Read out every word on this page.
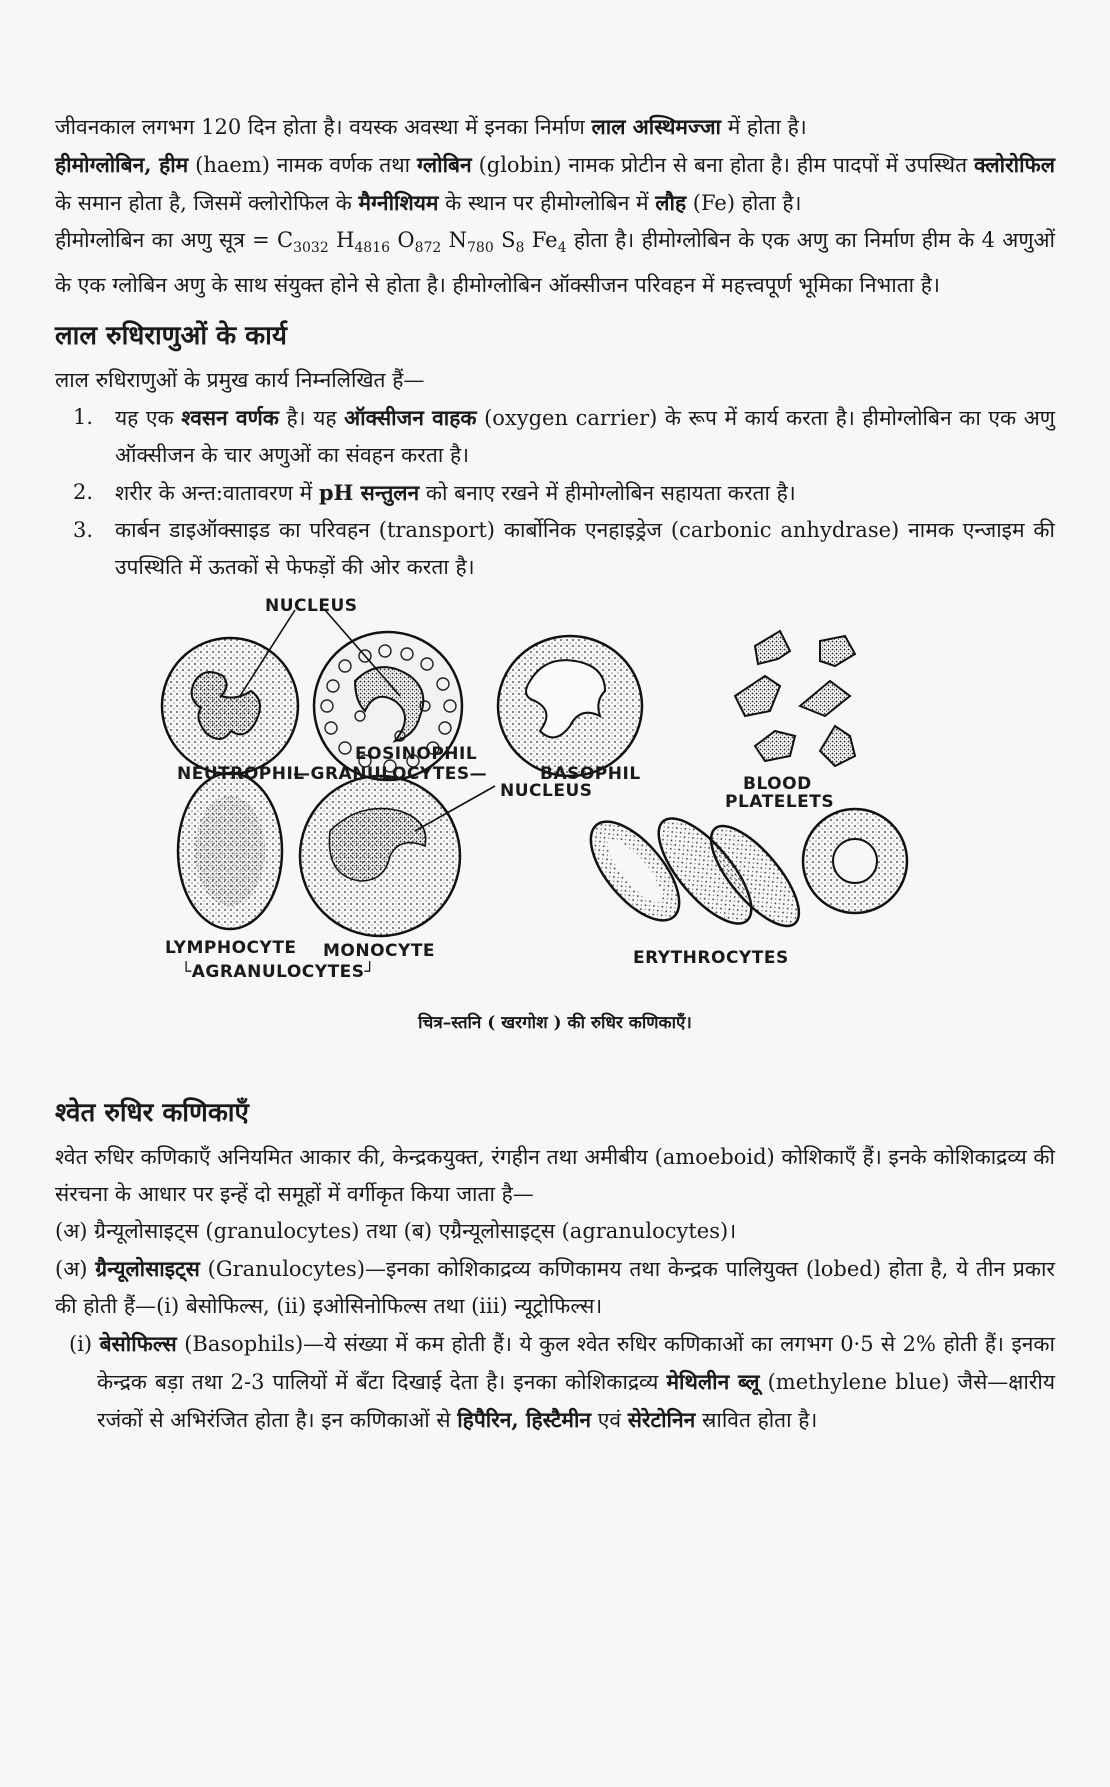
जीवनकाल लगभग 120 दिन होता है। वयस्क अवस्था में इनका निर्माण लाल अस्थिमज्जा में होता है।

हीमोग्लोबिन, हीम (haem) नामक वर्णक तथा ग्लोबिन (globin) नामक प्रोटीन से बना होता है। हीम पादपों में उपस्थित क्लोरोफिल के समान होता है, जिसमें क्लोरोफिल के मैग्नीशियम के स्थान पर हीमोग्लोबिन में लौह (Fe) होता है।

हीमोग्लोबिन का अणु सूत्र = $C_{3032}$ $H_{4816}$ $O_{872}$ $N_{780}$ $S_8$ $Fe_4$ होता है। हीमोग्लोबिन के एक अणु का निर्माण हीम के 4 अणुओं के एक ग्लोबिन अणु के साथ संयुक्त होने से होता है। हीमोग्लोबिन ऑक्सीजन परिवहन में महत्त्वपूर्ण भूमिका निभाता है।

लाल रुधिराणुओं के कार्य

लाल रुधिराणुओं के प्रमुख कार्य निम्नलिखित हैं—

1. यह एक श्वसन वर्णक है। यह ऑक्सीजन वाहक (oxygen carrier) के रूप में कार्य करता है। हीमोग्लोबिन का एक अणु ऑक्सीजन के चार अणुओं का संवहन करता है।
2. शरीर के अन्त:वातावरण में pH सन्तुलन को बनाए रखने में हीमोग्लोबिन सहायता करता है।
3. कार्बन डाइऑक्साइड का परिवहन (transport) कार्बोनिक एनहाइड्रेज (carbonic anhydrase) नामक एन्जाइम की उपस्थिति में ऊतकों से फेफड़ों की ओर करता है।
NUCLEUS
EOSINOPHIL
NEUTROPHIL
—GRANULOCYTES—	BASOPHIL	BLOOD
PLATELETS
NUCLEUS
LYMPHOCYTE MONOCYTE
└AGRANULOCYTES┘
ERYTHROCYTES
चित्र–स्तनि ( खरगोश ) की रुधिर कणिकाएँ।
श्वेत रुधिर कणिकाएँ

श्वेत रुधिर कणिकाएँ अनियमित आकार की, केन्द्रकयुक्त, रंगहीन तथा अमीबीय (amoeboid) कोशिकाएँ हैं। इनके कोशिकाद्रव्य की संरचना के आधार पर इन्हें दो समूहों में वर्गीकृत किया जाता है—

(अ) ग्रैन्यूलोसाइट्स (granulocytes) तथा (ब) एग्रैन्यूलोसाइट्स (agranulocytes)।

(अ) ग्रैन्यूलोसाइट्स (Granulocytes)—इनका कोशिकाद्रव्य कणिकामय तथा केन्द्रक पालियुक्त (lobed) होता है, ये तीन प्रकार की होती हैं—(i) बेसोफिल्स, (ii) इओसिनोफिल्स तथा (iii) न्यूट्रोफिल्स।

(i) बेसोफिल्स (Basophils)—ये संख्या में कम होती हैं। ये कुल श्वेत रुधिर कणिकाओं का लगभग 0·5 से 2% होती हैं। इनका केन्द्रक बड़ा तथा 2-3 पालियों में बँटा दिखाई देता है। इनका कोशिकाद्रव्य मेथिलीन ब्लू (methylene blue) जैसे—क्षारीय रजंकों से अभिरंजित होता है। इन कणिकाओं से हिपैरिन, हिस्टैमीन एवं सेरेटोनिन स्रावित होता है।
